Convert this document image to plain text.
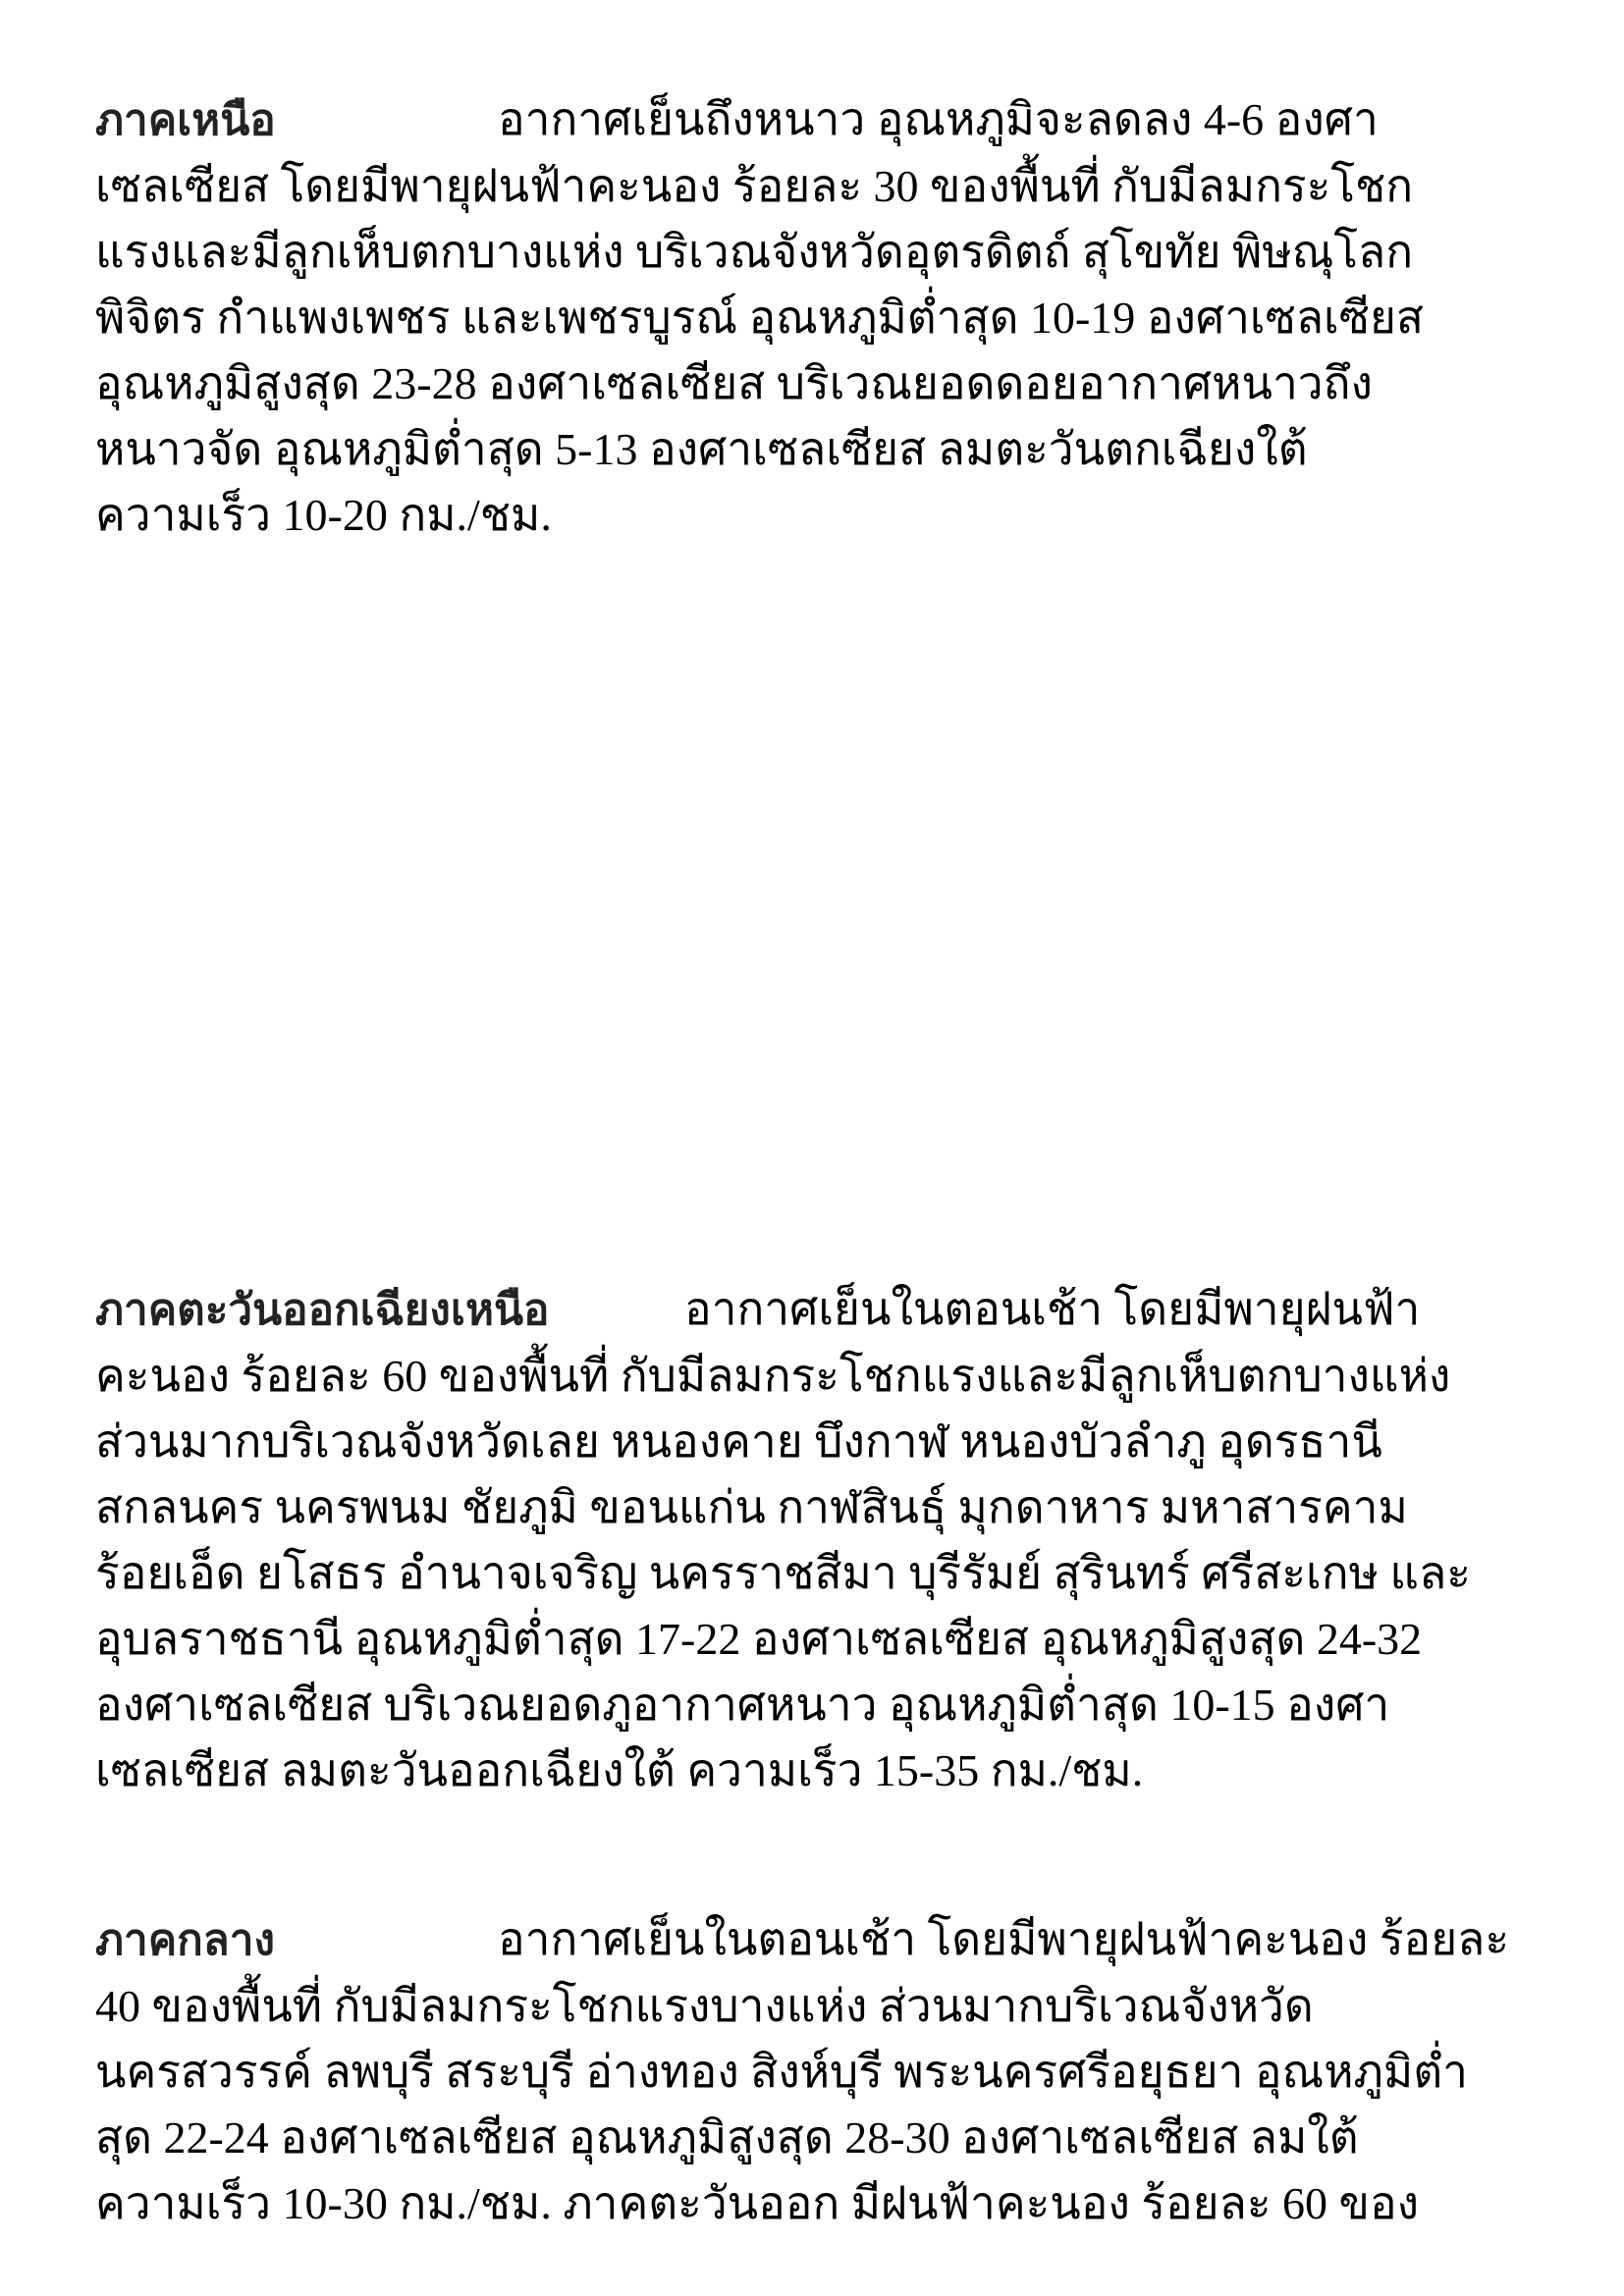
ภาคเหนือ	อากาศเย็นถึงหนาว อุณหภูมิจะลดลง 4-6 องศา
เซลเซียส โดยมีพายุฝนฟ้าคะนอง ร้อยละ 30 ของพื้นที่ กับมีลมกระโชก
แรงและมีลูกเห็บตกบางแห่ง บริเวณจังหวัดอุตรดิตถ์ สุโขทัย พิษณุโลก
พิจิตร กำแพงเพชร และเพชรบูรณ์ อุณหภูมิต่ำสุด 10-19 องศาเซลเซียส
อุณหภูมิสูงสุด 23-28 องศาเซลเซียส บริเวณยอดดอยอากาศหนาวถึง
หนาวจัด อุณหภูมิต่ำสุด 5-13 องศาเซลเซียส ลมตะวันตกเฉียงใต้
ความเร็ว 10-20 กม./ชม.
ภาคตะวันออกเฉียงเหนือ	อากาศเย็นในตอนเช้า โดยมีพายุฝนฟ้า
คะนอง ร้อยละ 60 ของพื้นที่ กับมีลมกระโชกแรงและมีลูกเห็บตกบางแห่ง
ส่วนมากบริเวณจังหวัดเลย หนองคาย บึงกาฬ หนองบัวลำภู อุดรธานี
สกลนคร นครพนม ชัยภูมิ ขอนแก่น กาฬสินธุ์ มุกดาหาร มหาสารคาม
ร้อยเอ็ด ยโสธร อำนาจเจริญ นครราชสีมา บุรีรัมย์ สุรินทร์ ศรีสะเกษ และ
อุบลราชธานี อุณหภูมิต่ำสุด 17-22 องศาเซลเซียส อุณหภูมิสูงสุด 24-32
องศาเซลเซียส บริเวณยอดภูอากาศหนาว อุณหภูมิต่ำสุด 10-15 องศา
เซลเซียส ลมตะวันออกเฉียงใต้ ความเร็ว 15-35 กม./ชม.
ภาคกลาง	อากาศเย็นในตอนเช้า โดยมีพายุฝนฟ้าคะนอง ร้อยละ
40 ของพื้นที่ กับมีลมกระโชกแรงบางแห่ง ส่วนมากบริเวณจังหวัด
นครสวรรค์ ลพบุรี สระบุรี อ่างทอง สิงห์บุรี พระนครศรีอยุธยา อุณหภูมิต่ำ
สุด 22-24 องศาเซลเซียส อุณหภูมิสูงสุด 28-30 องศาเซลเซียส ลมใต้
ความเร็ว 10-30 กม./ชม. ภาคตะวันออก มีฝนฟ้าคะนอง ร้อยละ 60 ของ
